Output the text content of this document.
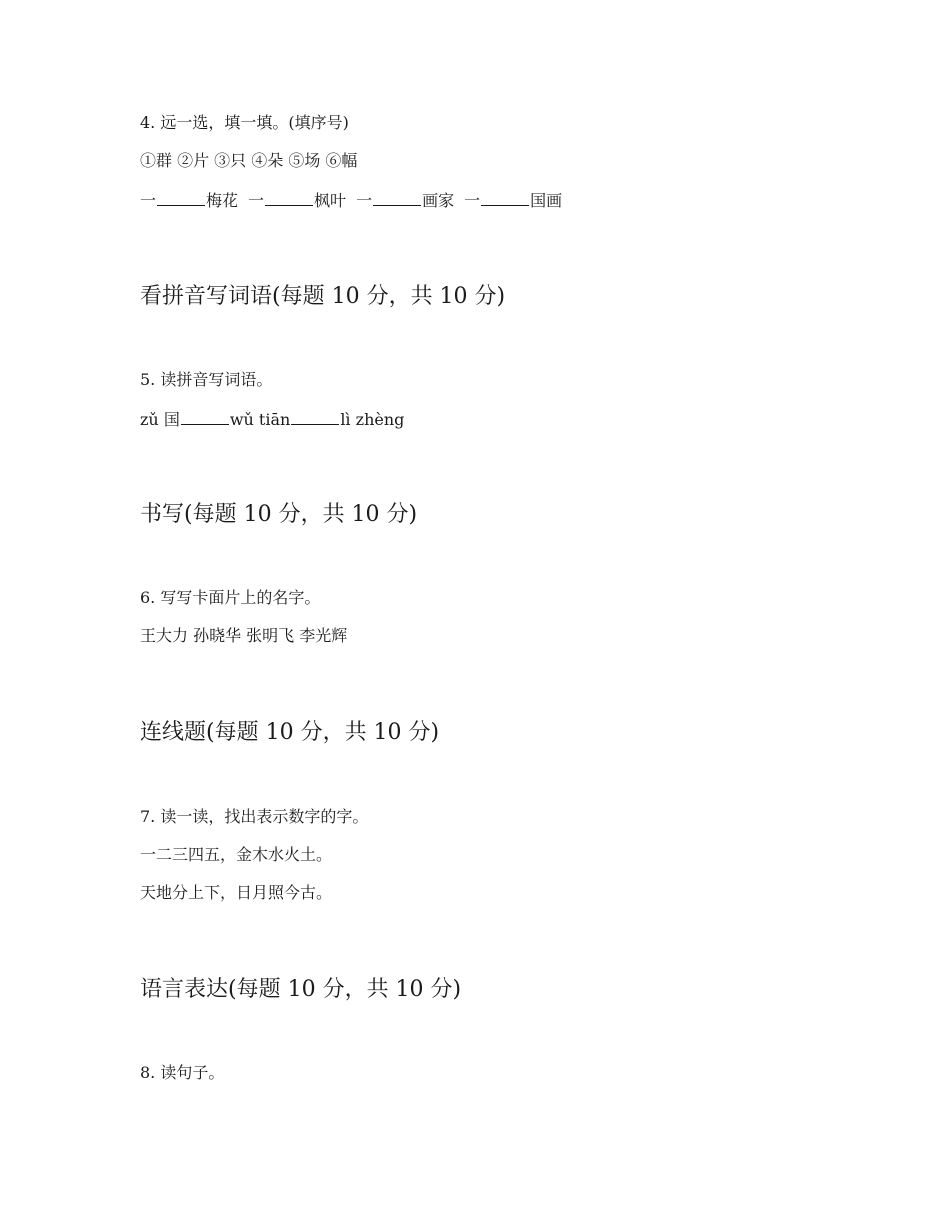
4. 远一选，填一填。(填序号)
①群 ②片 ③只 ④朵 ⑤场 ⑥幅
一	梅花 一	枫叶 一	画家 一	国画
看拼音写词语(每题 10 分，共 10 分)
5. 读拼音写词语。
zǔ 国	wǔ tiān	lì zhèng
书写(每题 10 分，共 10 分)
6. 写写卡面片上的名字。
王大力 孙晓华 张明飞 李光辉
连线题(每题 10 分，共 10 分)
7. 读一读，找出表示数字的字。
一二三四五，金木水火土。
天地分上下，日月照今古。
语言表达(每题 10 分，共 10 分)
8. 读句子。
